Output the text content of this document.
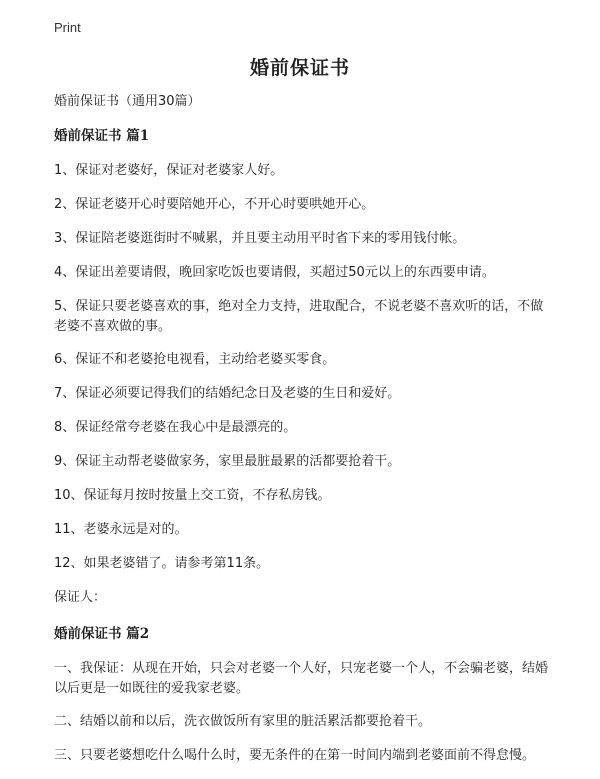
Print
婚前保证书

婚前保证书（通用30篇）

婚前保证书 篇1

1、保证对老婆好，保证对老婆家人好。

2、保证老婆开心时要陪她开心，不开心时要哄她开心。

3、保证陪老婆逛街时不喊累，并且要主动用平时省下来的零用钱付帐。

4、保证出差要请假，晚回家吃饭也要请假，买超过50元以上的东西要申请。

5、保证只要老婆喜欢的事，绝对全力支持，进取配合，不说老婆不喜欢听的话，不做老婆不喜欢做的事。

6、保证不和老婆抢电视看，主动给老婆买零食。

7、保证必须要记得我们的结婚纪念日及老婆的生日和爱好。

8、保证经常夸老婆在我心中是最漂亮的。

9、保证主动帮老婆做家务，家里最脏最累的活都要抢着干。

10、保证每月按时按量上交工资，不存私房钱。

11、老婆永远是对的。

12、如果老婆错了。请参考第11条。

保证人：

婚前保证书 篇2

一、我保证：从现在开始，只会对老婆一个人好，只宠老婆一个人，不会骗老婆，结婚以后更是一如既往的爱我家老婆。

二、结婚以前和以后，洗衣做饭所有家里的脏活累活都要抢着干。

三、只要老婆想吃什么喝什么时，要无条件的在第一时间内端到老婆面前不得怠慢。
